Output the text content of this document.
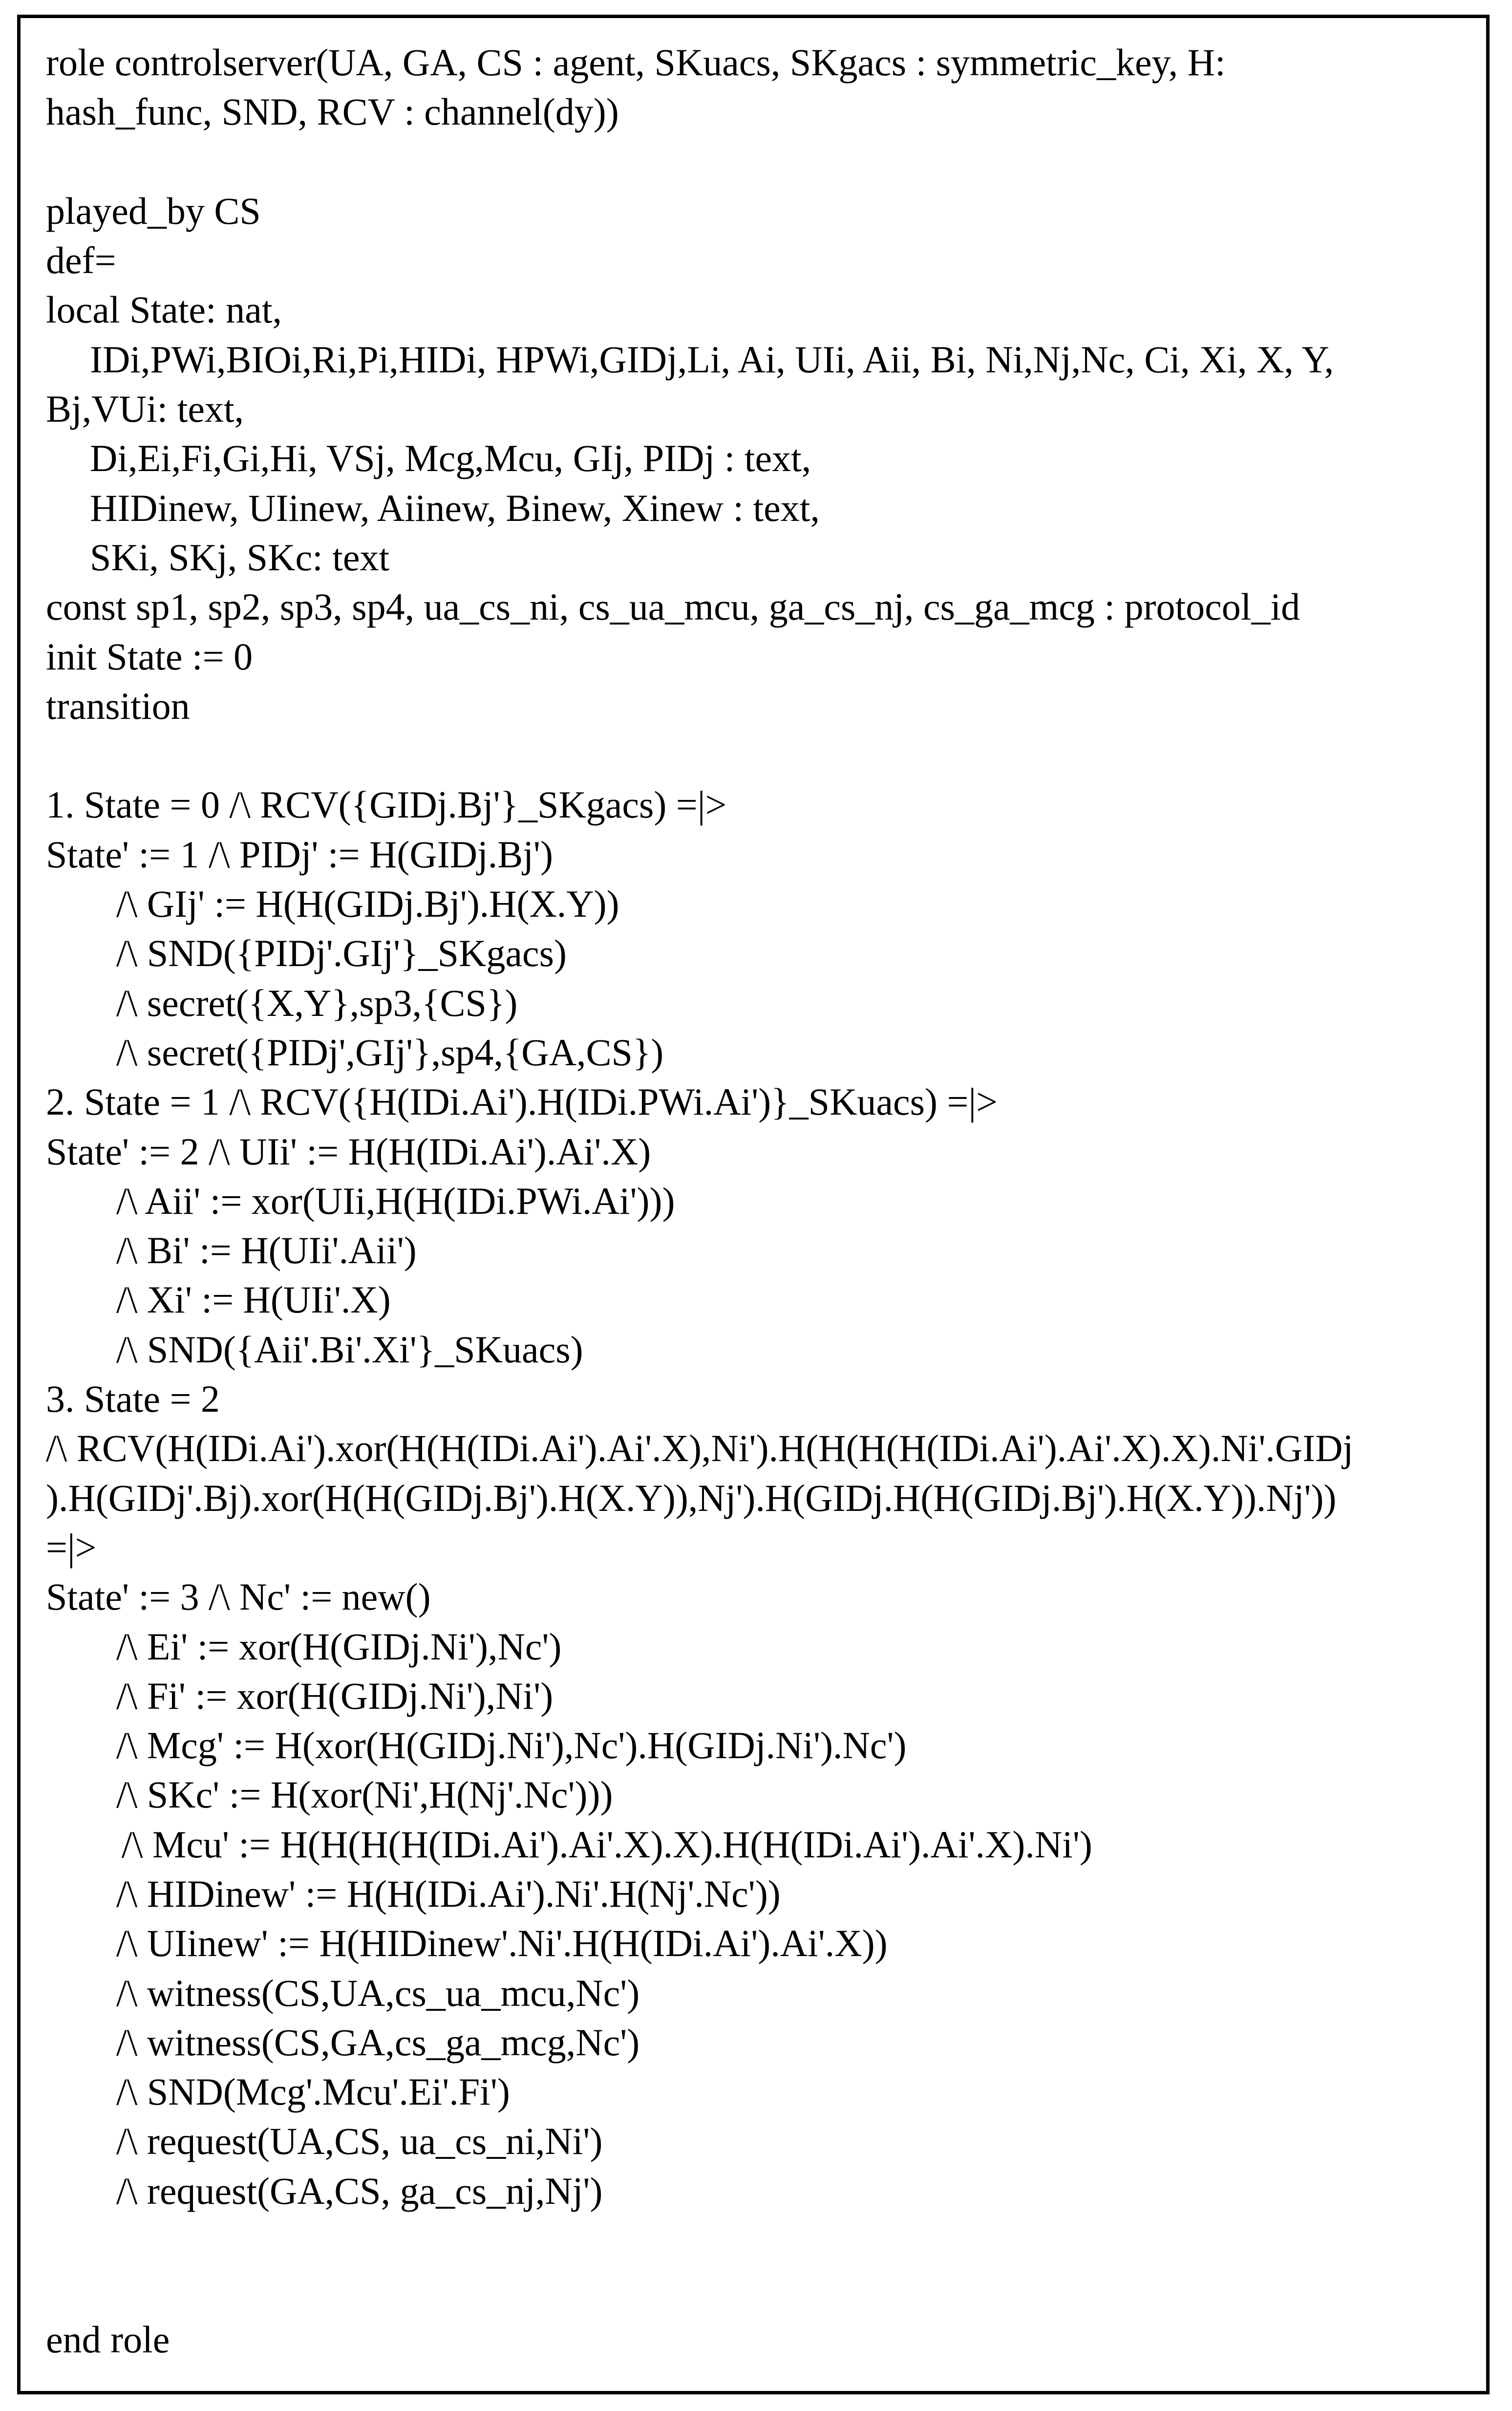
role controlserver(UA, GA, CS : agent, SKuacs, SKgacs : symmetric_key, H:
hash_func, SND, RCV : channel(dy))
played_by CS
def=
local State: nat,
IDi,PWi,BIOi,Ri,Pi,HIDi, HPWi,GIDj,Li, Ai, UIi, Aii, Bi, Ni,Nj,Nc, Ci, Xi, X, Y,
Bj,VUi: text,
Di,Ei,Fi,Gi,Hi, VSj, Mcg,Mcu, GIj, PIDj : text,
HIDinew, UIinew, Aiinew, Binew, Xinew : text,
SKi, SKj, SKc: text
const sp1, sp2, sp3, sp4, ua_cs_ni, cs_ua_mcu, ga_cs_nj, cs_ga_mcg : protocol_id
init State := 0
transition
1. State = 0 /\ RCV({GIDj.Bj'}_SKgacs) =|>
State' := 1 /\ PIDj' := H(GIDj.Bj')
/\ GIj' := H(H(GIDj.Bj').H(X.Y))
/\ SND({PIDj'.GIj'}_SKgacs)
/\ secret({X,Y},sp3,{CS})
/\ secret({PIDj',GIj'},sp4,{GA,CS})
2. State = 1 /\ RCV({H(IDi.Ai').H(IDi.PWi.Ai')}_SKuacs) =|>
State' := 2 /\ UIi' := H(H(IDi.Ai').Ai'.X)
/\ Aii' := xor(UIi,H(H(IDi.PWi.Ai')))
/\ Bi' := H(UIi'.Aii')
/\ Xi' := H(UIi'.X)
/\ SND({Aii'.Bi'.Xi'}_SKuacs)
3. State = 2
/\ RCV(H(IDi.Ai').xor(H(H(IDi.Ai').Ai'.X),Ni').H(H(H(H(IDi.Ai').Ai'.X).X).Ni'.GIDj
).H(GIDj'.Bj).xor(H(H(GIDj.Bj').H(X.Y)),Nj').H(GIDj.H(H(GIDj.Bj').H(X.Y)).Nj'))
=|>
State' := 3 /\ Nc' := new()
/\ Ei' := xor(H(GIDj.Ni'),Nc')
/\ Fi' := xor(H(GIDj.Ni'),Ni')
/\ Mcg' := H(xor(H(GIDj.Ni'),Nc').H(GIDj.Ni').Nc')
/\ SKc' := H(xor(Ni',H(Nj'.Nc')))
/\ Mcu' := H(H(H(H(IDi.Ai').Ai'.X).X).H(H(IDi.Ai').Ai'.X).Ni')
/\ HIDinew' := H(H(IDi.Ai').Ni'.H(Nj'.Nc'))
/\ UIinew' := H(HIDinew'.Ni'.H(H(IDi.Ai').Ai'.X))
/\ witness(CS,UA,cs_ua_mcu,Nc')
/\ witness(CS,GA,cs_ga_mcg,Nc')
/\ SND(Mcg'.Mcu'.Ei'.Fi')
/\ request(UA,CS, ua_cs_ni,Ni')
/\ request(GA,CS, ga_cs_nj,Nj')
end role
